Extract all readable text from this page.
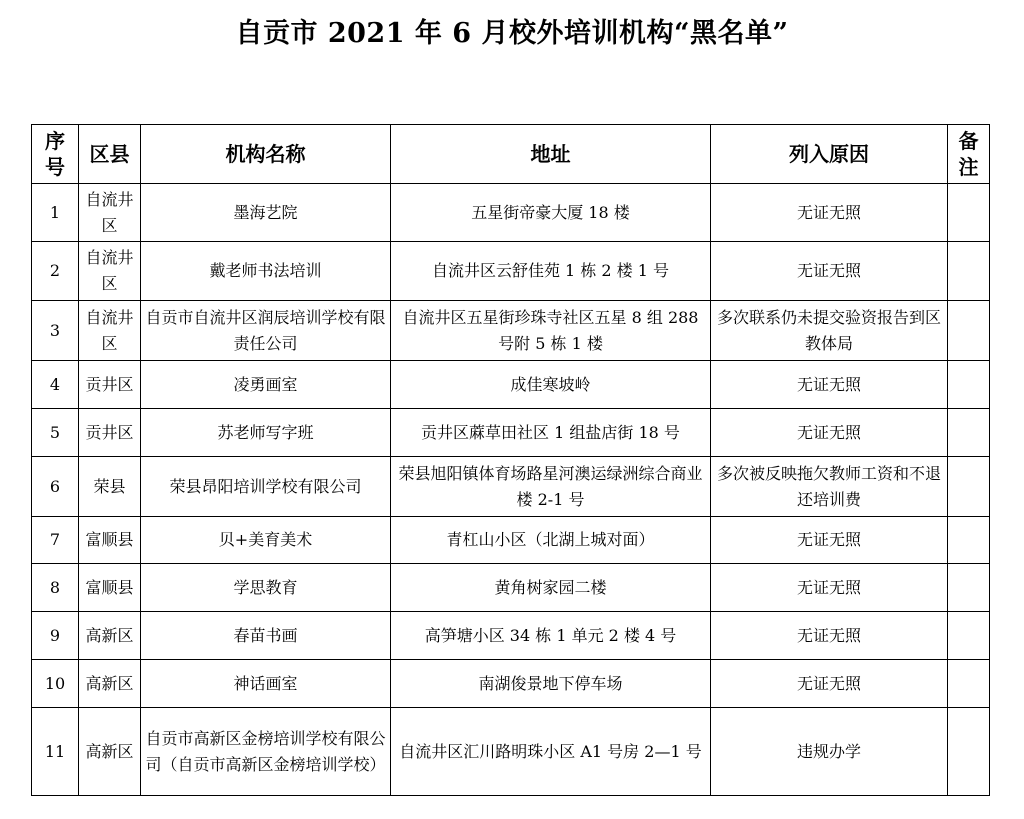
自贡市 2021 年 6 月校外培训机构“黑名单”
序号	区县	机构名称	地址	列入原因	备注
1	自流井区	墨海艺院	五星街帝豪大厦 18 楼	无证无照	
2	自流井区	戴老师书法培训	自流井区云舒佳苑 1 栋 2 楼 1 号	无证无照	
3	自流井区	自贡市自流井区润辰培训学校有限责任公司	自流井区五星街珍珠寺社区五星 8 组 288 号附 5 栋 1 楼	多次联系仍未提交验资报告到区教体局	
4	贡井区	凌勇画室	成佳寒坡岭	无证无照	
5	贡井区	苏老师写字班	贡井区蔴草田社区 1 组盐店街 18 号	无证无照	
6	荣县	荣县昂阳培训学校有限公司	荣县旭阳镇体育场路星河澳运绿洲综合商业楼 2-1 号	多次被反映拖欠教师工资和不退还培训费	
7	富顺县	贝+美育美术	青杠山小区（北湖上城对面）	无证无照	
8	富顺县	学思教育	黄角树家园二楼	无证无照	
9	高新区	春苗书画	高笋塘小区 34 栋 1 单元 2 楼 4 号	无证无照	
10	高新区	神话画室	南湖俊景地下停车场	无证无照	
11	高新区	自贡市高新区金榜培训学校有限公司（自贡市高新区金榜培训学校）	自流井区汇川路明珠小区 A1 号房 2—1 号	违规办学	
